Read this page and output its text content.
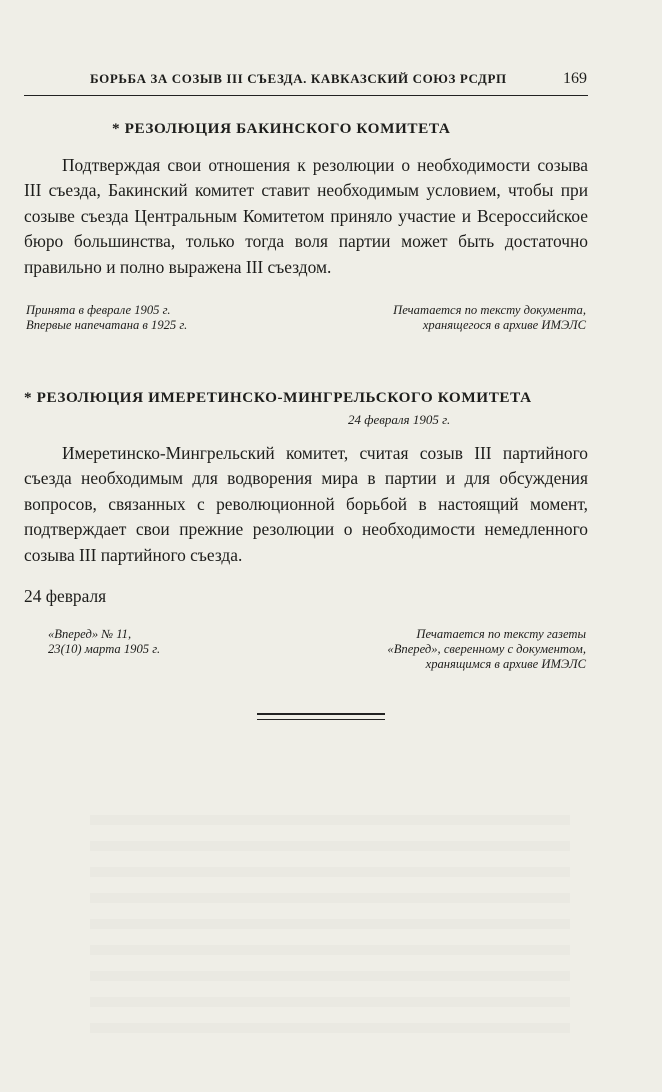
БОРЬБА ЗА СОЗЫВ III СЪЕЗДА. КАВКАЗСКИЙ СОЮЗ РСДРП	169
* РЕЗОЛЮЦИЯ БАКИНСКОГО КОМИТЕТА

Подтверждая свои отношения к резолюции о необходимости созыва III съезда, Бакинский комитет ставит необходимым условием, чтобы при созыве съезда Центральным Комитетом приняло участие и Всероссийское бюро большинства, только тогда воля партии может быть достаточно правильно и полно выражена III съездом.

Принята в феврале 1905 г.
Впервые напечатана в 1925 г.
Печатается по тексту документа,
хранящегося в архиве ИМЭЛС
* РЕЗОЛЮЦИЯ ИМЕРЕТИНСКО-МИНГРЕЛЬСКОГО КОМИТЕТА
24 февраля 1905 г.

Имеретинско-Мингрельский комитет, считая созыв III партийного съезда необходимым для водворения мира в партии и для обсуждения вопросов, связанных с революционной борьбой в настоящий момент, подтверждает свои прежние резолюции о необходимости немедленного созыва III партийного съезда.

24 февраля
«Вперед» № 11,
23(10) марта 1905 г.
Печатается по тексту газеты
«Вперед», сверенному с документом,
хранящимся в архиве ИМЭЛС
